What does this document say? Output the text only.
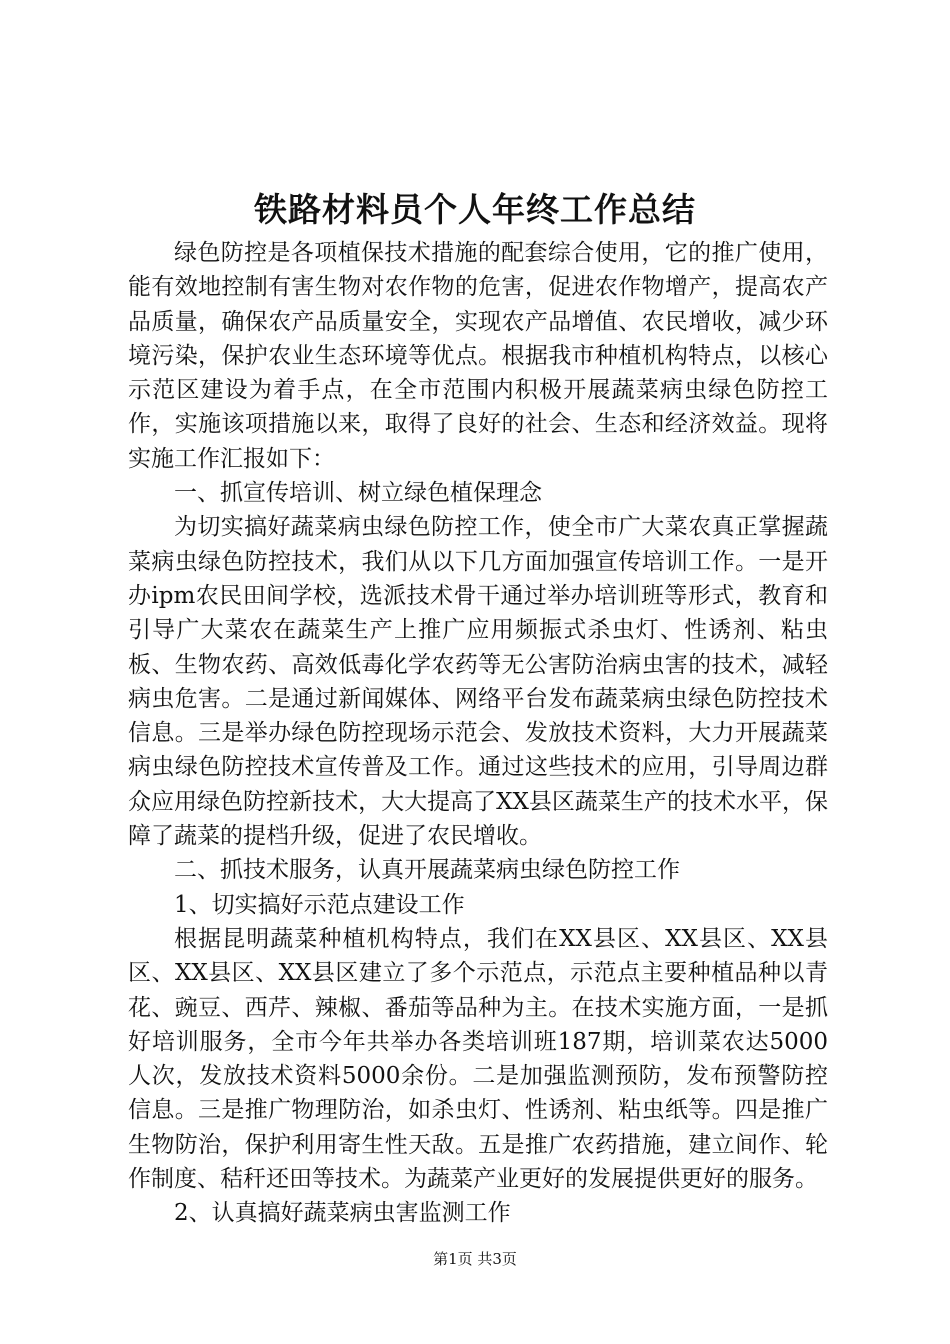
铁路材料员个人年终工作总结

绿色防控是各项植保技术措施的配套综合使用，它的推广使用，能有效地控制有害生物对农作物的危害，促进农作物增产，提高农产品质量，确保农产品质量安全，实现农产品增值、农民增收，减少环境污染，保护农业生态环境等优点。根据我市种植机构特点，以核心示范区建设为着手点，在全市范围内积极开展蔬菜病虫绿色防控工作，实施该项措施以来，取得了良好的社会、生态和经济效益。现将实施工作汇报如下：

一、抓宣传培训、树立绿色植保理念

为切实搞好蔬菜病虫绿色防控工作，使全市广大菜农真正掌握蔬菜病虫绿色防控技术，我们从以下几方面加强宣传培训工作。一是开办ipm农民田间学校，选派技术骨干通过举办培训班等形式，教育和引导广大菜农在蔬菜生产上推广应用频振式杀虫灯、性诱剂、粘虫板、生物农药、高效低毒化学农药等无公害防治病虫害的技术，减轻病虫危害。二是通过新闻媒体、网络平台发布蔬菜病虫绿色防控技术信息。三是举办绿色防控现场示范会、发放技术资料，大力开展蔬菜病虫绿色防控技术宣传普及工作。通过这些技术的应用，引导周边群众应用绿色防控新技术，大大提高了XX县区蔬菜生产的技术水平，保障了蔬菜的提档升级，促进了农民增收。

二、抓技术服务，认真开展蔬菜病虫绿色防控工作

1、切实搞好示范点建设工作

根据昆明蔬菜种植机构特点，我们在XX县区、XX县区、XX县区、XX县区、XX县区建立了多个示范点，示范点主要种植品种以青花、豌豆、西芹、辣椒、番茄等品种为主。在技术实施方面，一是抓好培训服务，全市今年共举办各类培训班187期，培训菜农达5000人次，发放技术资料5000余份。二是加强监测预防，发布预警防控信息。三是推广物理防治，如杀虫灯、性诱剂、粘虫纸等。四是推广生物防治，保护利用寄生性天敌。五是推广农药措施，建立间作、轮作制度、秸秆还田等技术。为蔬菜产业更好的发展提供更好的服务。

2、认真搞好蔬菜病虫害监测工作

第1页 共3页
